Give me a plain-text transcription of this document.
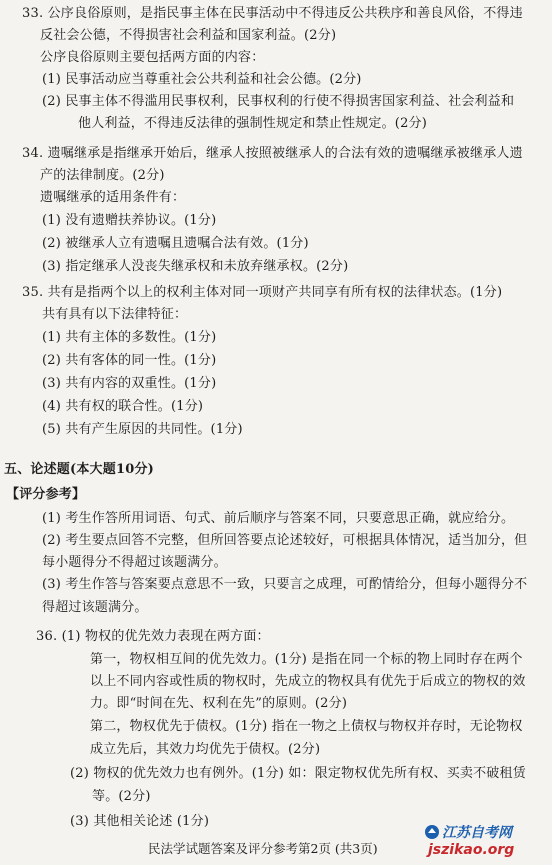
33. 公序良俗原则，是指民事主体在民事活动中不得违反公共秩序和善良风俗，不得违
反社会公德，不得损害社会利益和国家利益。(2分)
公序良俗原则主要包括两方面的内容：
(1) 民事活动应当尊重社会公共利益和社会公德。(2分)
(2) 民事主体不得滥用民事权利，民事权利的行使不得损害国家利益、社会利益和
他人利益，不得违反法律的强制性规定和禁止性规定。(2分)
34. 遗嘱继承是指继承开始后，继承人按照被继承人的合法有效的遗嘱继承被继承人遗
产的法律制度。(2分)
遗嘱继承的适用条件有：
(1) 没有遗赠扶养协议。(1分)
(2) 被继承人立有遗嘱且遗嘱合法有效。(1分)
(3) 指定继承人没丧失继承权和未放弃继承权。(2分)
35. 共有是指两个以上的权利主体对同一项财产共同享有所有权的法律状态。(1分)
共有具有以下法律特征：
(1) 共有主体的多数性。(1分)
(2) 共有客体的同一性。(1分)
(3) 共有内容的双重性。(1分)
(4) 共有权的联合性。(1分)
(5) 共有产生原因的共同性。(1分)
五、论述题(本大题10分)
【评分参考】
(1) 考生作答所用词语、句式、前后顺序与答案不同，只要意思正确，就应给分。
(2) 考生要点回答不完整，但所回答要点论述较好，可根据具体情况，适当加分，但
每小题得分不得超过该题满分。
(3) 考生作答与答案要点意思不一致，只要言之成理，可酌情给分，但每小题得分不
得超过该题满分。
36. (1) 物权的优先效力表现在两方面：
第一，物权相互间的优先效力。(1分) 是指在同一个标的物上同时存在两个
以上不同内容或性质的物权时，先成立的物权具有优先于后成立的物权的效
力。即“时间在先、权利在先”的原则。(2分)
第二，物权优先于债权。(1分) 指在一物之上债权与物权并存时，无论物权
成立先后，其效力均优先于债权。(2分)
(2) 物权的优先效力也有例外。(1分) 如：限定物权优先所有权、买卖不破租赁
等。(2分)
(3) 其他相关论述 (1分)
民法学试题答案及评分参考第2页 (共3页)
江苏自考网
jszikao.org
